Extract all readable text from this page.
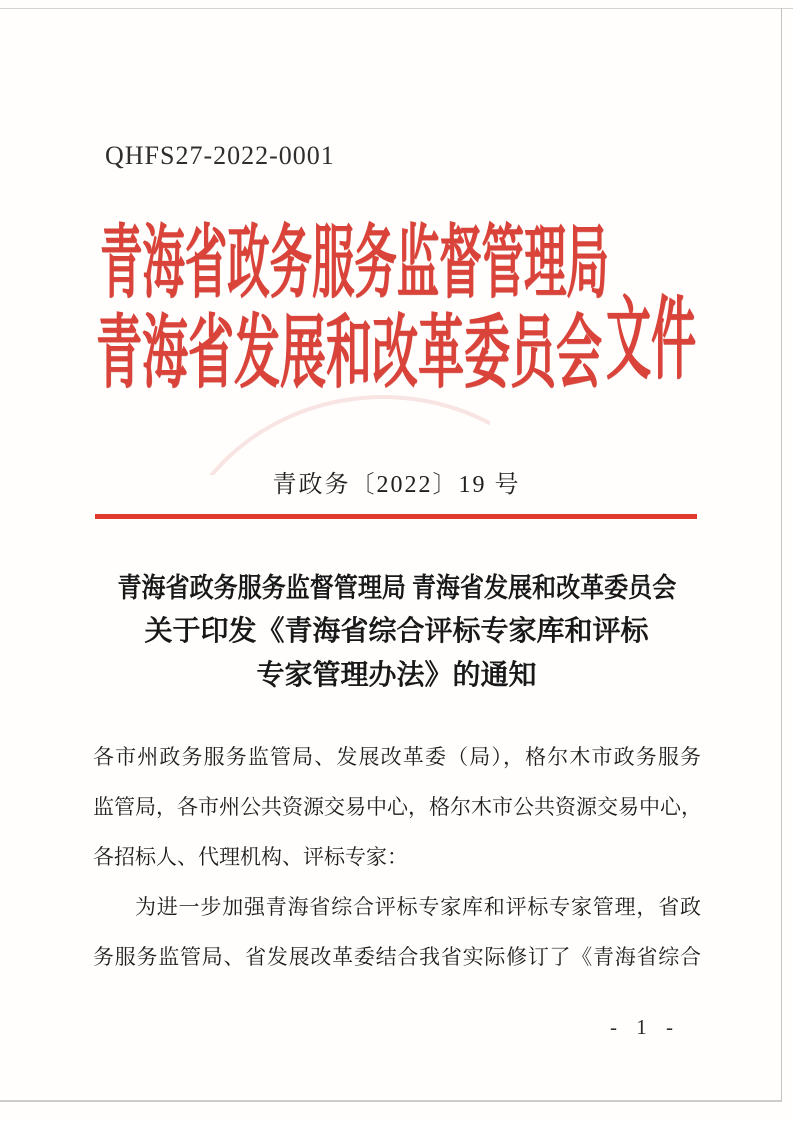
QHFS27-2022-0001
青海省政务服务监督管理局
青海省发展和改革委员会 文件
青政务〔2022〕19 号
青海省政务服务监督管理局 青海省发展和改革委员会
关于印发《青海省综合评标专家库和评标
专家管理办法》的通知
各市州政务服务监管局、发展改革委（局），格尔木市政务服务
监管局，各市州公共资源交易中心，格尔木市公共资源交易中心，
各招标人、代理机构、评标专家：
为进一步加强青海省综合评标专家库和评标专家管理，省政
务服务监管局、省发展改革委结合我省实际修订了《青海省综合
- 1 -
